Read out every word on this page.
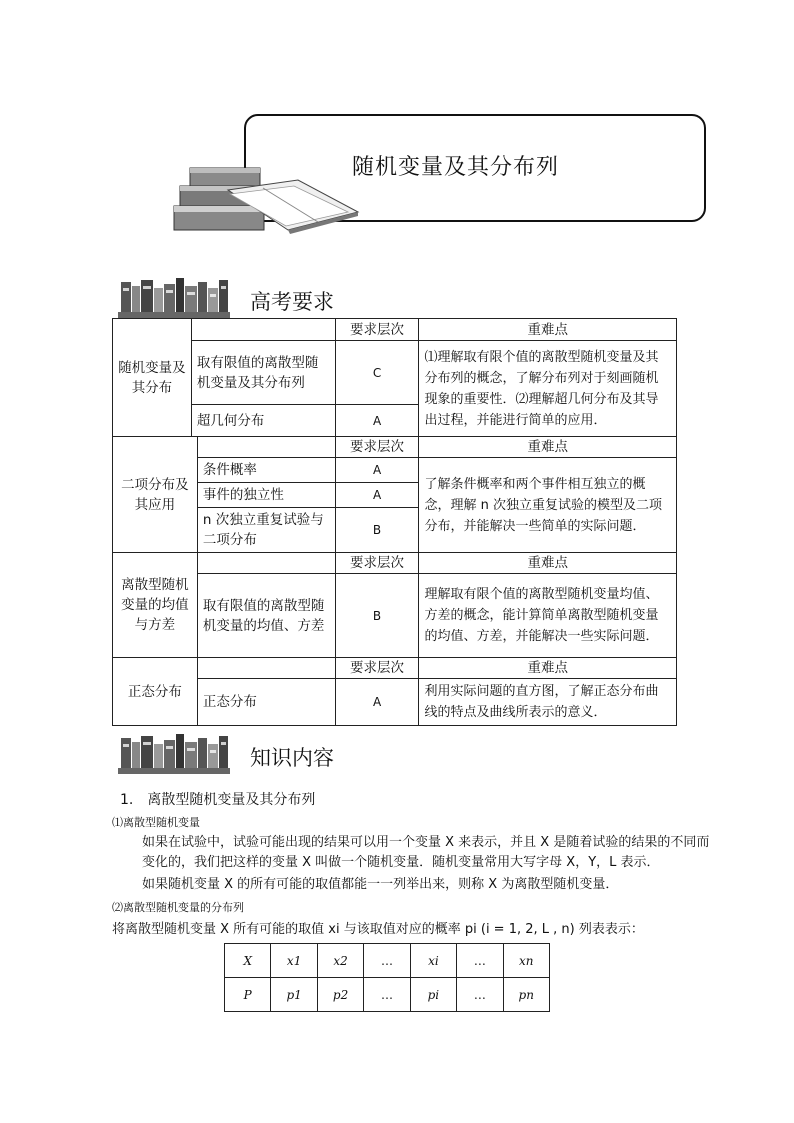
随机变量及其分布列
高考要求
随机变量及其分布			要求层次	重难点
	取有限值的离散型随机变量及其分布列		C	⑴理解取有限个值的离散型随机变量及其分布列的概念，了解分布列对于刻画随机现象的重要性．⑵理解超几何分布及其导出过程，并能进行简单的应用．
	超几何分布		A	
二项分布及其应用			要求层次	重难点
		条件概率	A	了解条件概率和两个事件相互独立的概念，理解 n 次独立重复试验的模型及二项分布，并能解决一些简单的实际问题．
		事件的独立性	A	
		n 次独立重复试验与二项分布	B	
离散型随机变量的均值与方差			要求层次	重难点
		取有限值的离散型随机变量的均值、方差	B	理解取有限个值的离散型随机变量均值、方差的概念，能计算简单离散型随机变量的均值、方差，并能解决一些实际问题．
正态分布			要求层次	重难点
		正态分布	A	利用实际问题的直方图，了解正态分布曲线的特点及曲线所表示的意义．
知识内容
1.　离散型随机变量及其分布列
⑴离散型随机变量
如果在试验中，试验可能出现的结果可以用一个变量 X 来表示，并且 X 是随着试验的结果的不同而变化的，我们把这样的变量 X 叫做一个随机变量．随机变量常用大写字母 X，Y，L 表示．
如果随机变量 X 的所有可能的取值都能一一列举出来，则称 X 为离散型随机变量．
⑵离散型随机变量的分布列
将离散型随机变量 X 所有可能的取值 xi 与该取值对应的概率 pi (i = 1, 2, L , n) 列表表示：
X	x1	x2	…	xi	…	xn
P	p1	p2	…	pi	…	pn
